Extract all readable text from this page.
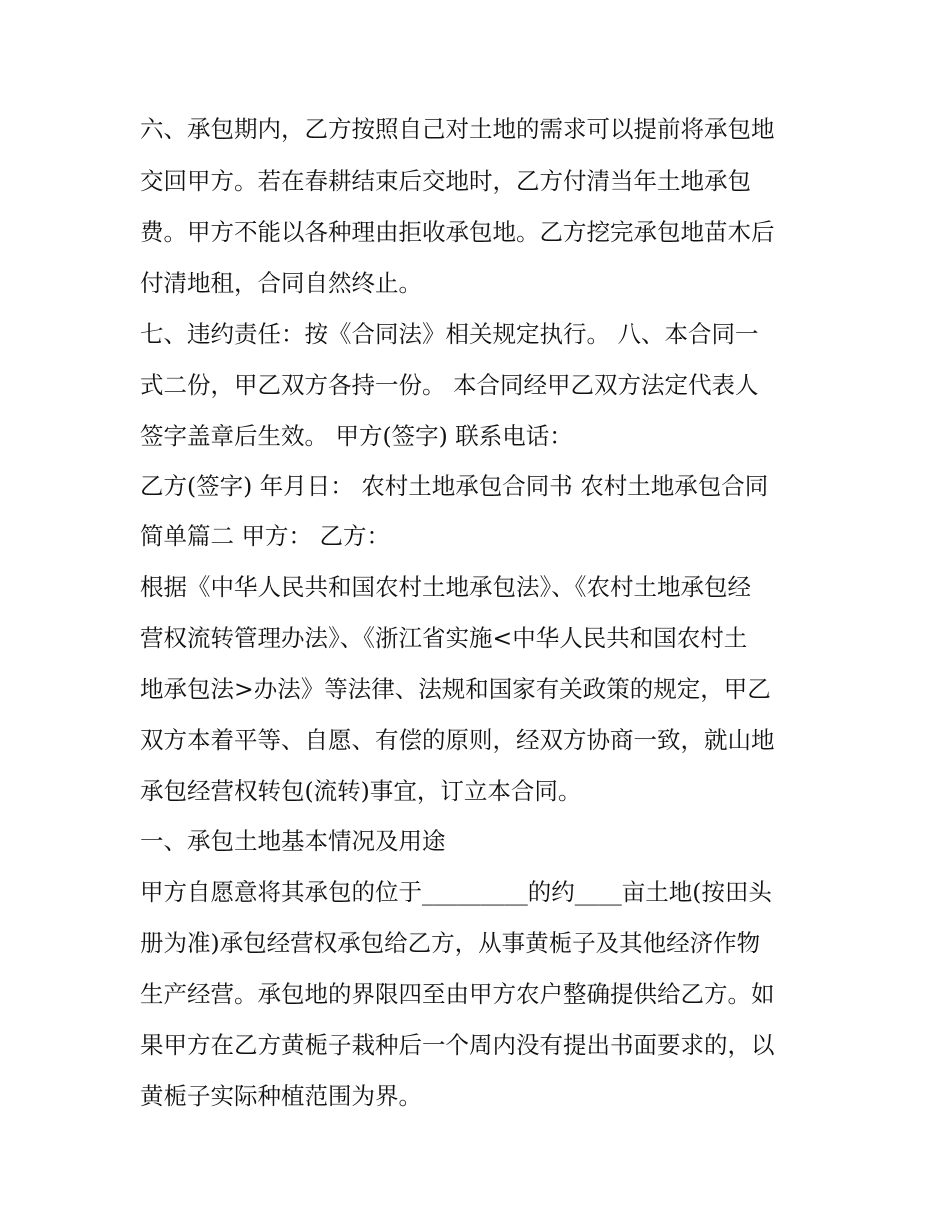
六、承包期内，乙方按照自己对土地的需求可以提前将承包地
交回甲方。若在春耕结束后交地时，乙方付清当年土地承包
费。甲方不能以各种理由拒收承包地。乙方挖完承包地苗木后
付清地租，合同自然终止。
七、违约责任：按《合同法》相关规定执行。 八、本合同一
式二份，甲乙双方各持一份。 本合同经甲乙双方法定代表人
签字盖章后生效。 甲方(签字) 联系电话：
乙方(签字) 年月日： 农村土地承包合同书 农村土地承包合同
简单篇二 甲方： 乙方：
根据《中华人民共和国农村土地承包法》、《农村土地承包经
营权流转管理办法》、《浙江省实施<中华人民共和国农村土
地承包法>办法》等法律、法规和国家有关政策的规定，甲乙
双方本着平等、自愿、有偿的原则，经双方协商一致，就山地
承包经营权转包(流转)事宜，订立本合同。
一、承包土地基本情况及用途
甲方自愿意将其承包的位于_________的约____亩土地(按田头
册为准)承包经营权承包给乙方，从事黄栀子及其他经济作物
生产经营。承包地的界限四至由甲方农户整确提供给乙方。如
果甲方在乙方黄栀子栽种后一个周内没有提出书面要求的，以
黄栀子实际种植范围为界。
